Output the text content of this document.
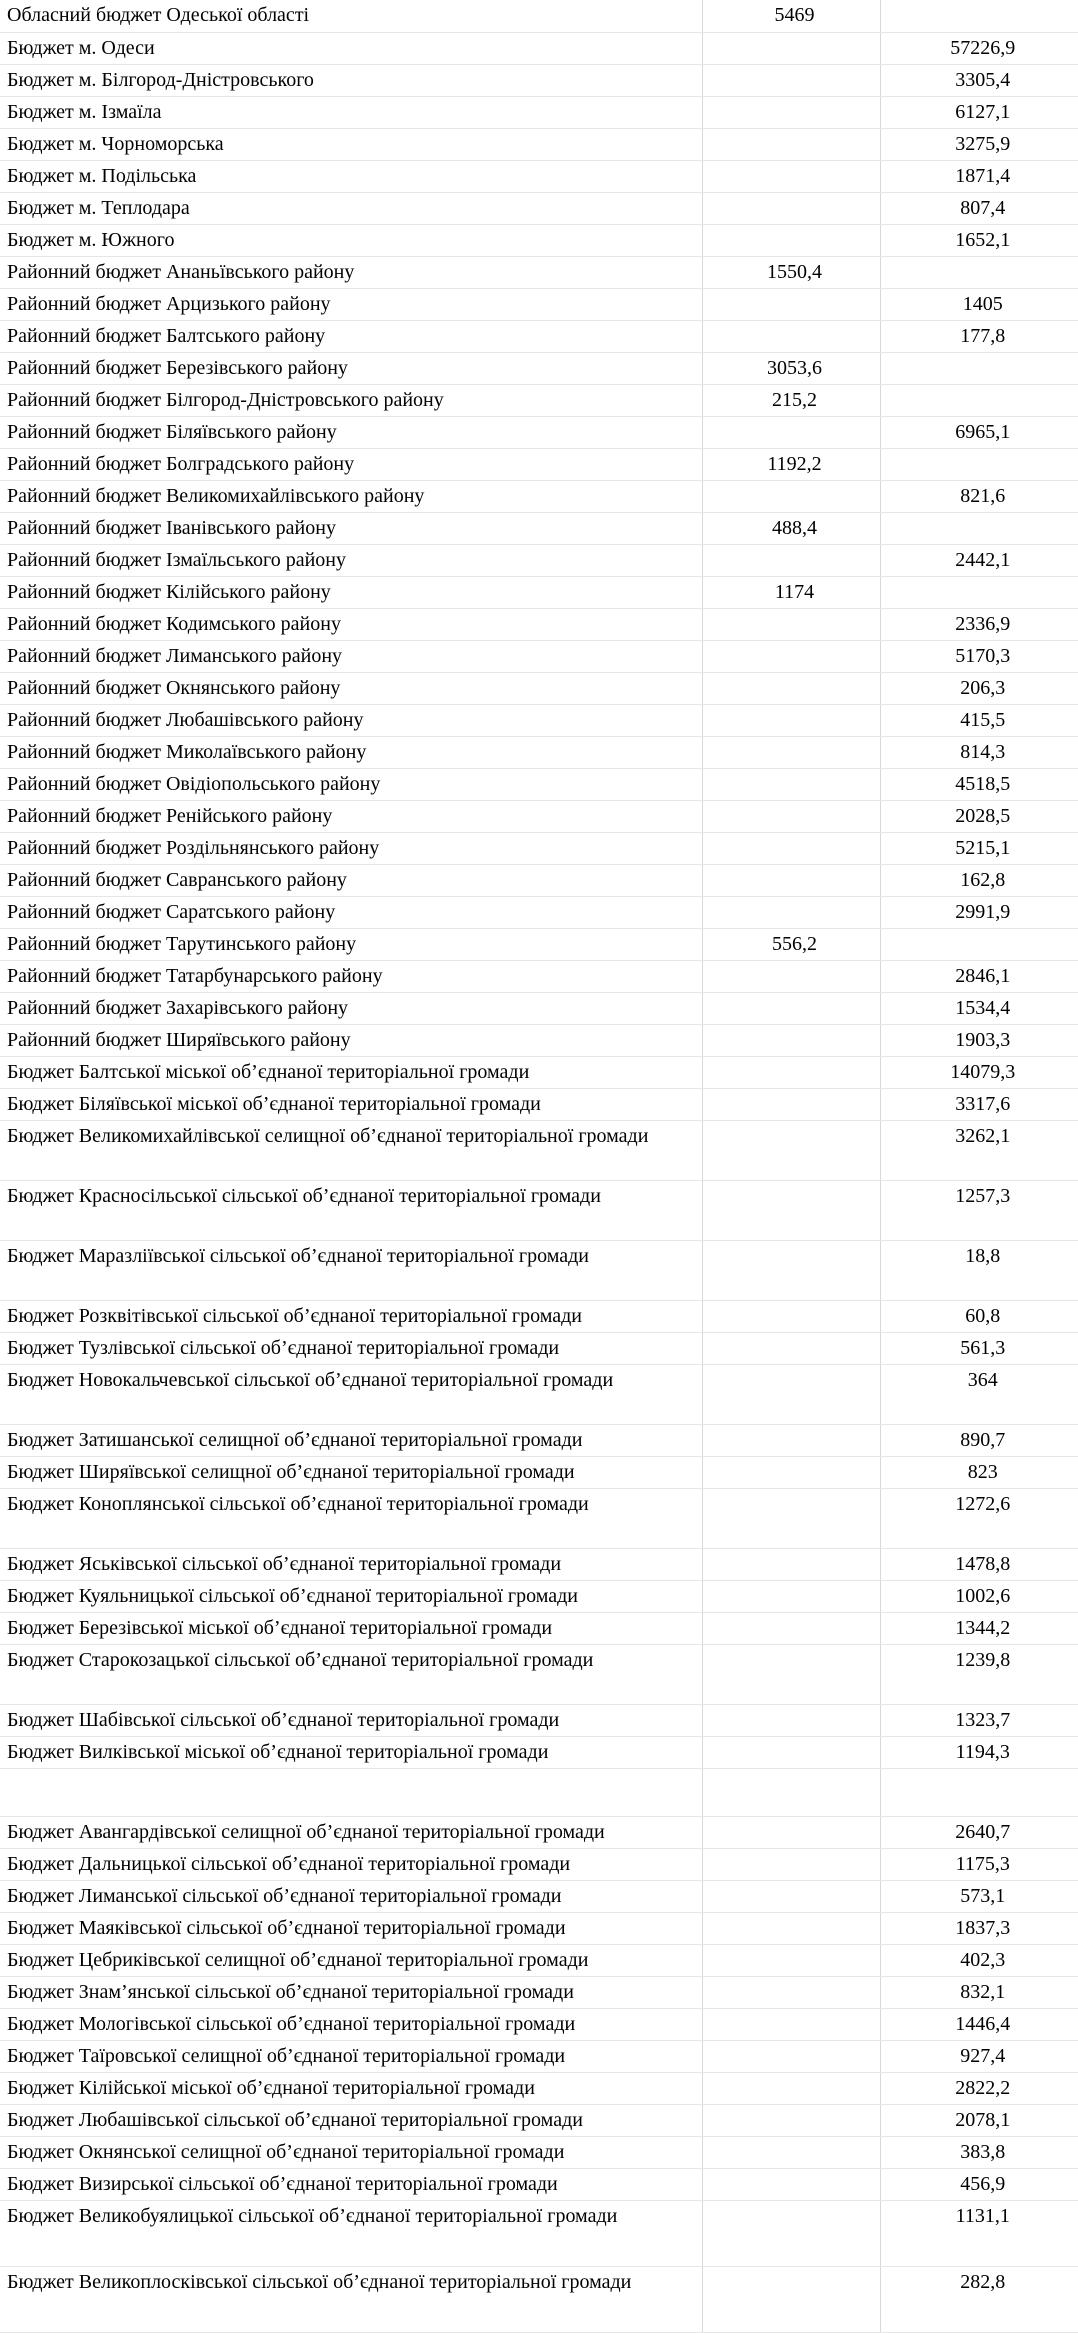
Обласний бюджет Одеської області	5469	
Бюджет м. Одеси		57226,9
Бюджет м. Білгород-Дністровського		3305,4
Бюджет м. Ізмаїла		6127,1
Бюджет м. Чорноморська		3275,9
Бюджет м. Подільська		1871,4
Бюджет м. Теплодара		807,4
Бюджет м. Южного		1652,1
Районний бюджет Ананьївського району	1550,4	
Районний бюджет Арцизького району		1405
Районний бюджет Балтського району		177,8
Районний бюджет Березівського району	3053,6	
Районний бюджет Білгород-Дністровського району	215,2	
Районний бюджет Біляївського району		6965,1
Районний бюджет Болградського району	1192,2	
Районний бюджет Великомихайлівського району		821,6
Районний бюджет Іванівського району	488,4	
Районний бюджет Ізмаїльського району		2442,1
Районний бюджет Кілійського району	1174	
Районний бюджет Кодимського району		2336,9
Районний бюджет Лиманського району		5170,3
Районний бюджет Окнянського району		206,3
Районний бюджет Любашівського району		415,5
Районний бюджет Миколаївського району		814,3
Районний бюджет Овідіопольського району		4518,5
Районний бюджет Ренійського району		2028,5
Районний бюджет Роздільнянського району		5215,1
Районний бюджет Савранського району		162,8
Районний бюджет Саратського району		2991,9
Районний бюджет Тарутинського району	556,2	
Районний бюджет Татарбунарського району		2846,1
Районний бюджет Захарівського району		1534,4
Районний бюджет Ширяївського району		1903,3
Бюджет Балтської міської об’єднаної територіальної громади		14079,3
Бюджет Біляївської міської об’єднаної територіальної громади		3317,6
Бюджет Великомихайлівської селищної об’єднаної територіальної громади		3262,1
Бюджет Красносільської сільської об’єднаної територіальної громади		1257,3
Бюджет Маразліївської сільської об’єднаної територіальної громади		18,8
Бюджет Розквітівської сільської об’єднаної територіальної громади		60,8
Бюджет Тузлівської сільської об’єднаної територіальної громади		561,3
Бюджет Новокальчевської сільської об’єднаної територіальної громади		364
Бюджет Затишанської селищної об’єднаної територіальної громади		890,7
Бюджет Ширяївської селищної об’єднаної територіальної громади		823
Бюджет Коноплянської сільської об’єднаної територіальної громади		1272,6
Бюджет Яськівської сільської об’єднаної територіальної громади		1478,8
Бюджет Куяльницької сільської об’єднаної територіальної громади		1002,6
Бюджет Березівської міської об’єднаної територіальної громади		1344,2
Бюджет Старокозацької сільської об’єднаної територіальної громади		1239,8
Бюджет Шабівської сільської об’єднаної територіальної громади		1323,7
Бюджет Вилківської міської об’єднаної територіальної громади		1194,3

Бюджет Авангардівської селищної об’єднаної територіальної громади		2640,7
Бюджет Дальницької сільської об’єднаної територіальної громади		1175,3
Бюджет Лиманської сільської об’єднаної територіальної громади		573,1
Бюджет Маяківської сільської об’єднаної територіальної громади		1837,3
Бюджет Цебриківської селищної об’єднаної територіальної громади		402,3
Бюджет Знам’янської сільської об’єднаної територіальної громади		832,1
Бюджет Мологівської сільської об’єднаної територіальної громади		1446,4
Бюджет Таїровської селищної об’єднаної територіальної громади		927,4
Бюджет Кілійської міської об’єднаної територіальної громади		2822,2
Бюджет Любашівської сільської об’єднаної територіальної громади		2078,1
Бюджет Окнянської селищної об’єднаної територіальної громади		383,8
Бюджет Визирської сільської об’єднаної територіальної громади		456,9
Бюджет Великобуялицької сільської об’єднаної територіальної громади		1131,1
Бюджет Великоплосківської сільської об’єднаної територіальної громади		282,8
